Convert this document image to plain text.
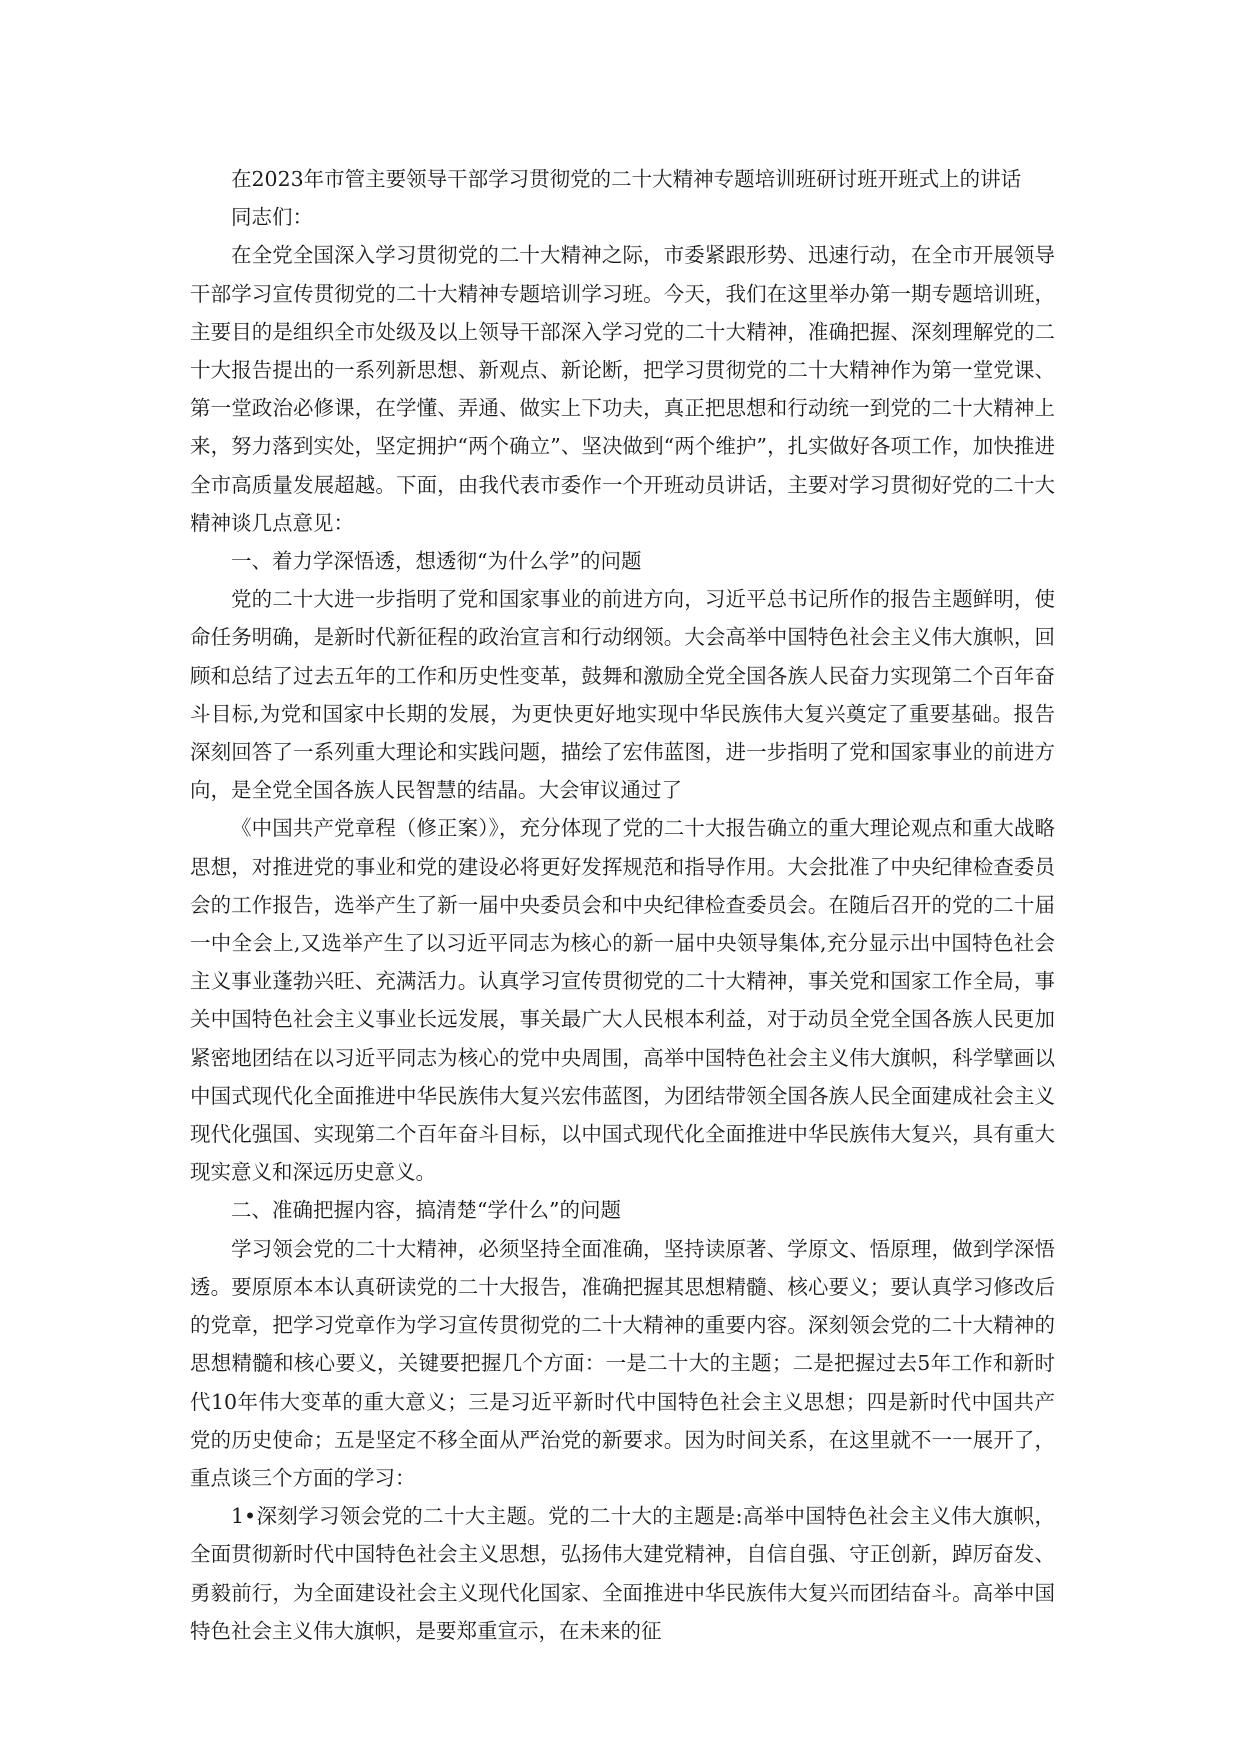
在2023年市管主要领导干部学习贯彻党的二十大精神专题培训班研讨班开班式上的讲话

同志们：

在全党全国深入学习贯彻党的二十大精神之际，市委紧跟形势、迅速行动，在全市开展领导干部学习宣传贯彻党的二十大精神专题培训学习班。今天，我们在这里举办第一期专题培训班，主要目的是组织全市处级及以上领导干部深入学习党的二十大精神，准确把握、深刻理解党的二十大报告提出的一系列新思想、新观点、新论断，把学习贯彻党的二十大精神作为第一堂党课、第一堂政治必修课，在学懂、弄通、做实上下功夫，真正把思想和行动统一到党的二十大精神上来，努力落到实处，坚定拥护“两个确立”、坚决做到“两个维护”，扎实做好各项工作，加快推进全市高质量发展超越。下面，由我代表市委作一个开班动员讲话，主要对学习贯彻好党的二十大精神谈几点意见：

一、着力学深悟透，想透彻“为什么学”的问题

党的二十大进一步指明了党和国家事业的前进方向，习近平总书记所作的报告主题鲜明，使命任务明确，是新时代新征程的政治宣言和行动纲领。大会高举中国特色社会主义伟大旗帜，回顾和总结了过去五年的工作和历史性变革，鼓舞和激励全党全国各族人民奋力实现第二个百年奋斗目标,为党和国家中长期的发展，为更快更好地实现中华民族伟大复兴奠定了重要基础。报告深刻回答了一系列重大理论和实践问题，描绘了宏伟蓝图，进一步指明了党和国家事业的前进方向，是全党全国各族人民智慧的结晶。大会审议通过了

《中国共产党章程（修正案）》，充分体现了党的二十大报告确立的重大理论观点和重大战略思想，对推进党的事业和党的建设必将更好发挥规范和指导作用。大会批准了中央纪律检查委员会的工作报告，选举产生了新一届中央委员会和中央纪律检查委员会。在随后召开的党的二十届一中全会上,又选举产生了以习近平同志为核心的新一届中央领导集体,充分显示出中国特色社会主义事业蓬勃兴旺、充满活力。认真学习宣传贯彻党的二十大精神，事关党和国家工作全局，事关中国特色社会主义事业长远发展，事关最广大人民根本利益，对于动员全党全国各族人民更加紧密地团结在以习近平同志为核心的党中央周围，高举中国特色社会主义伟大旗帜，科学擘画以中国式现代化全面推进中华民族伟大复兴宏伟蓝图，为团结带领全国各族人民全面建成社会主义现代化强国、实现第二个百年奋斗目标，以中国式现代化全面推进中华民族伟大复兴，具有重大现实意义和深远历史意义。

二、准确把握内容，搞清楚“学什么”的问题

学习领会党的二十大精神，必须坚持全面准确，坚持读原著、学原文、悟原理，做到学深悟透。要原原本本认真研读党的二十大报告，准确把握其思想精髓、核心要义；要认真学习修改后的党章，把学习党章作为学习宣传贯彻党的二十大精神的重要内容。深刻领会党的二十大精神的思想精髓和核心要义，关键要把握几个方面：一是二十大的主题；二是把握过去5年工作和新时代10年伟大变革的重大意义；三是习近平新时代中国特色社会主义思想；四是新时代中国共产党的历史使命；五是坚定不移全面从严治党的新要求。因为时间关系，在这里就不一一展开了，重点谈三个方面的学习：

1•深刻学习领会党的二十大主题。党的二十大的主题是:高举中国特色社会主义伟大旗帜，全面贯彻新时代中国特色社会主义思想，弘扬伟大建党精神，自信自强、守正创新，踔厉奋发、勇毅前行，为全面建设社会主义现代化国家、全面推进中华民族伟大复兴而团结奋斗。高举中国特色社会主义伟大旗帜，是要郑重宣示，在未来的征
